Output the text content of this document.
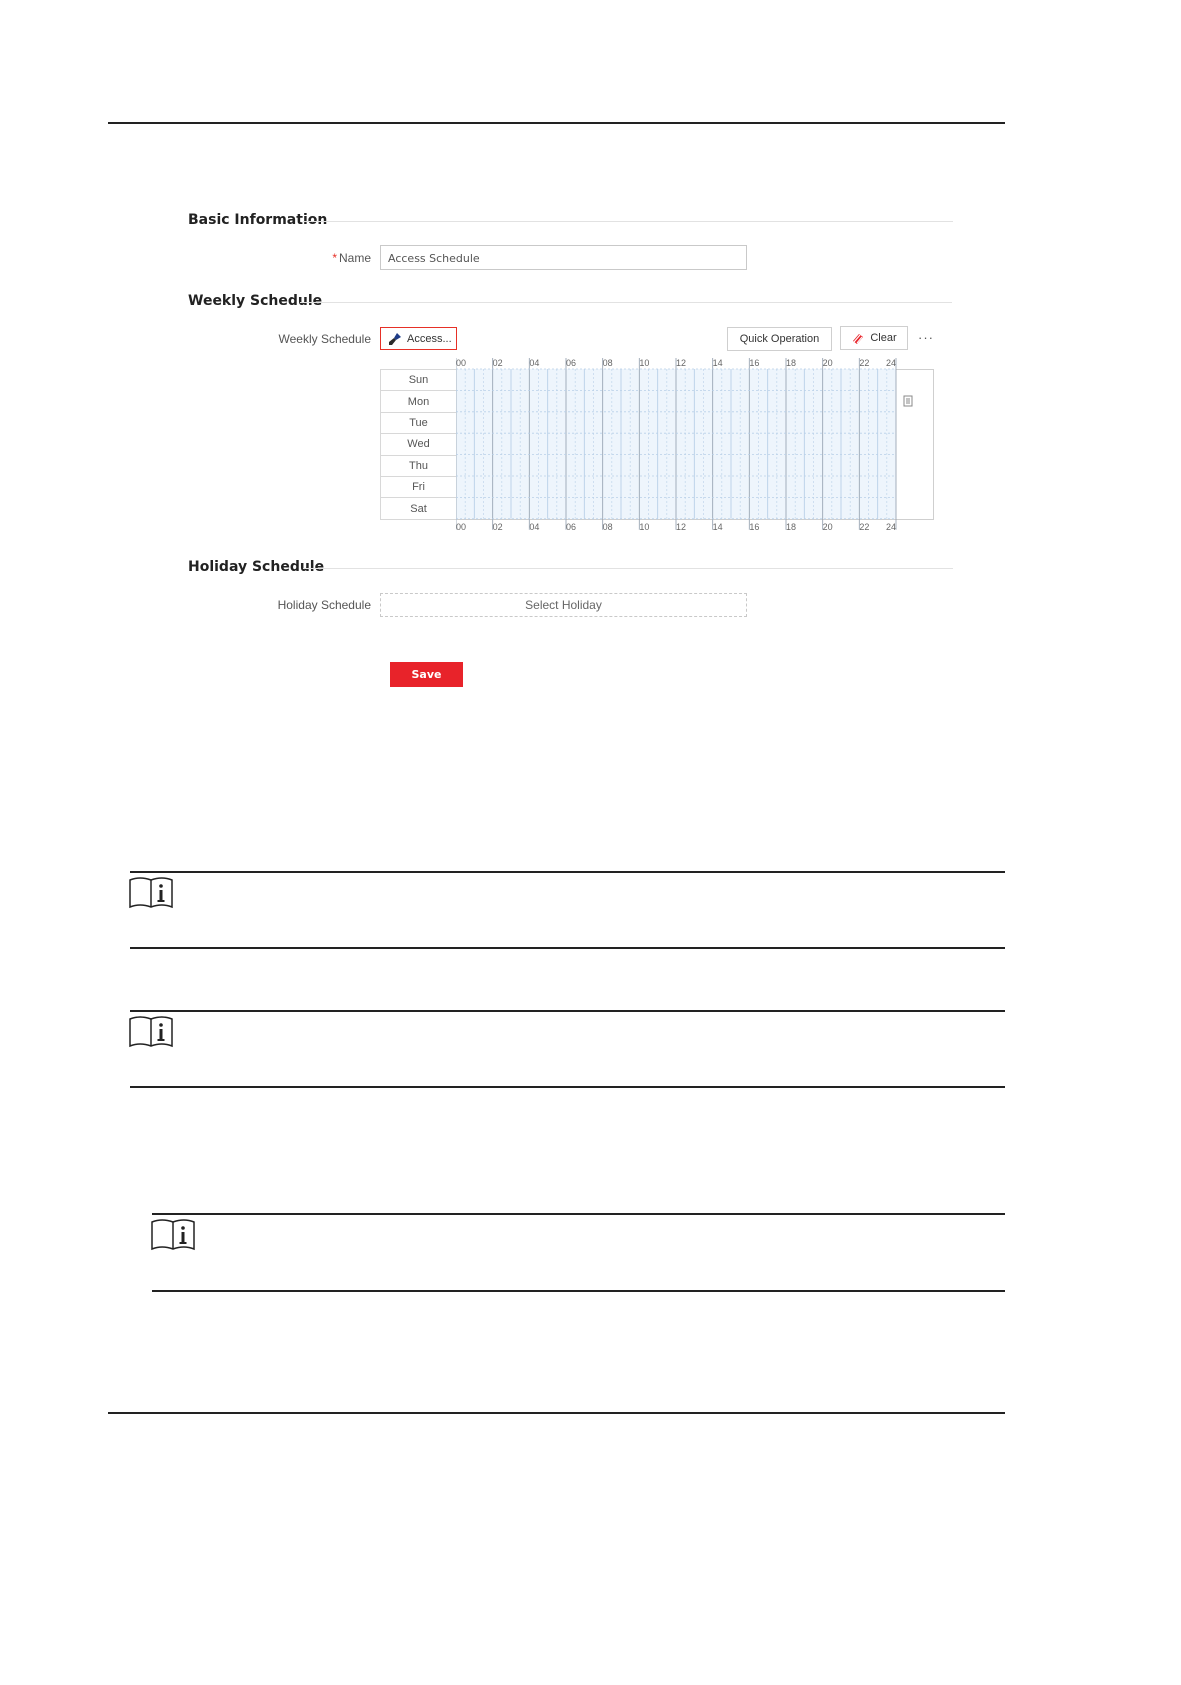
Basic Information
* Name	Access Schedule
Weekly Schedule
Weekly Schedule	Access...	Quick Operation	Clear ···
00	02	04	06	08	10	12	14	16	18	20	22 24
00	02	04	06	08	10	12	14	16	18	20	22 24
Sun
Mon
Tue
Wed
Thu
Fri
Sat
Holiday Schedule
Holiday Schedule	Select Holiday
Save
